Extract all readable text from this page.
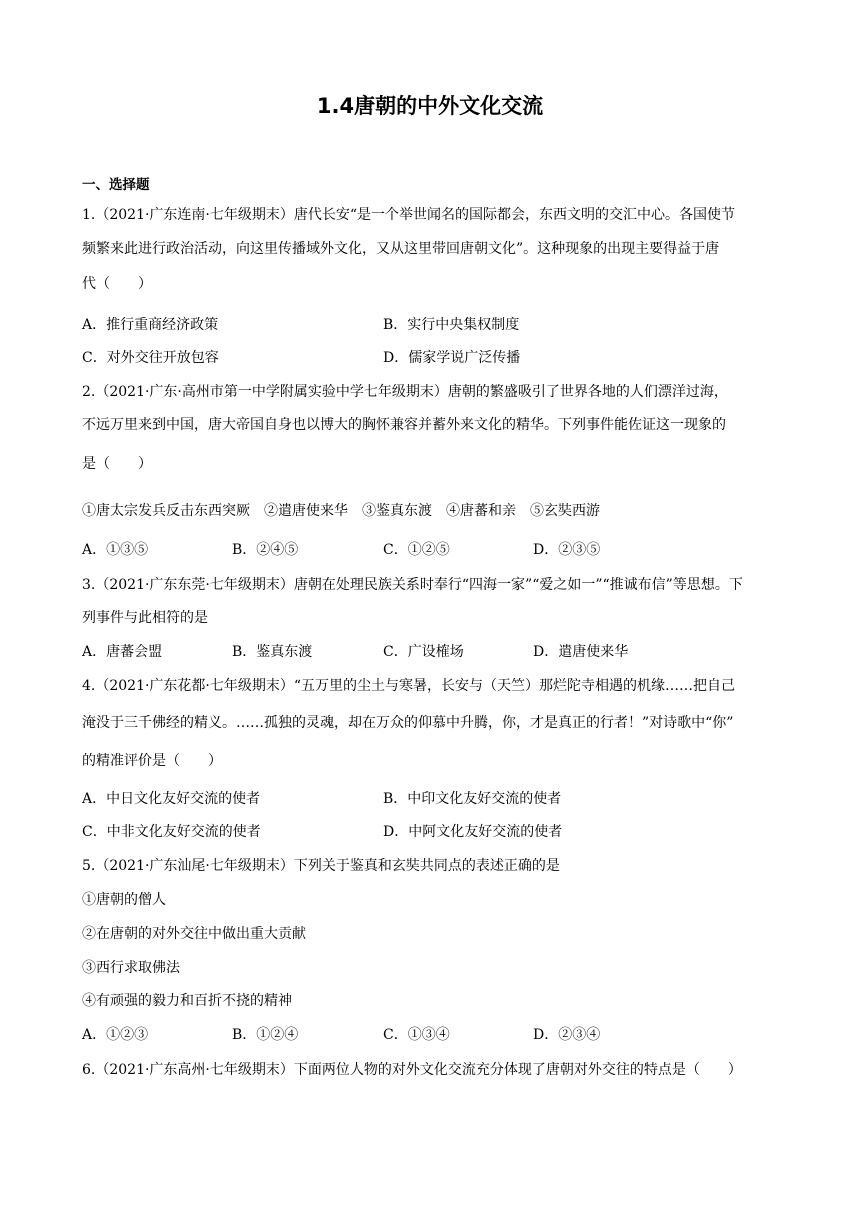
1.4唐朝的中外文化交流
一、选择题
1.（2021·广东连南·七年级期末）唐代长安“是一个举世闻名的国际都会，东西文明的交汇中心。各国使节
频繁来此进行政治活动，向这里传播域外文化，又从这里带回唐朝文化”。这种现象的出现主要得益于唐
代（　　）
A．推行重商经济政策	B．实行中央集权制度
C．对外交往开放包容	D．儒家学说广泛传播
2.（2021·广东·高州市第一中学附属实验中学七年级期末）唐朝的繁盛吸引了世界各地的人们漂洋过海，
不远万里来到中国，唐大帝国自身也以博大的胸怀兼容并蓄外来文化的精华。下列事件能佐证这一现象的
是（　　）
①唐太宗发兵反击东西突厥　②遣唐使来华　③鉴真东渡　④唐蕃和亲　⑤玄奘西游
A．①③⑤	B．②④⑤	C．①②⑤	D．②③⑤
3.（2021·广东东莞·七年级期末）唐朝在处理民族关系时奉行“四海一家”“爱之如一”“推诚布信”等思想。下
列事件与此相符的是
A．唐蕃会盟	B．鉴真东渡	C．广设榷场	D．遣唐使来华
4.（2021·广东花都·七年级期末）“五万里的尘土与寒暑，长安与（天竺）那烂陀寺相遇的机缘……把自己
淹没于三千佛经的精义。……孤独的灵魂，却在万众的仰慕中升腾，你，才是真正的行者！”对诗歌中“你”
的精准评价是（　　）
A．中日文化友好交流的使者	B．中印文化友好交流的使者
C．中非文化友好交流的使者	D．中阿文化友好交流的使者
5.（2021·广东汕尾·七年级期末）下列关于鉴真和玄奘共同点的表述正确的是
①唐朝的僧人
②在唐朝的对外交往中做出重大贡献
③西行求取佛法
④有顽强的毅力和百折不挠的精神
A．①②③	B．①②④	C．①③④	D．②③④
6.（2021·广东高州·七年级期末）下面两位人物的对外文化交流充分体现了唐朝对外交往的特点是（　　）
